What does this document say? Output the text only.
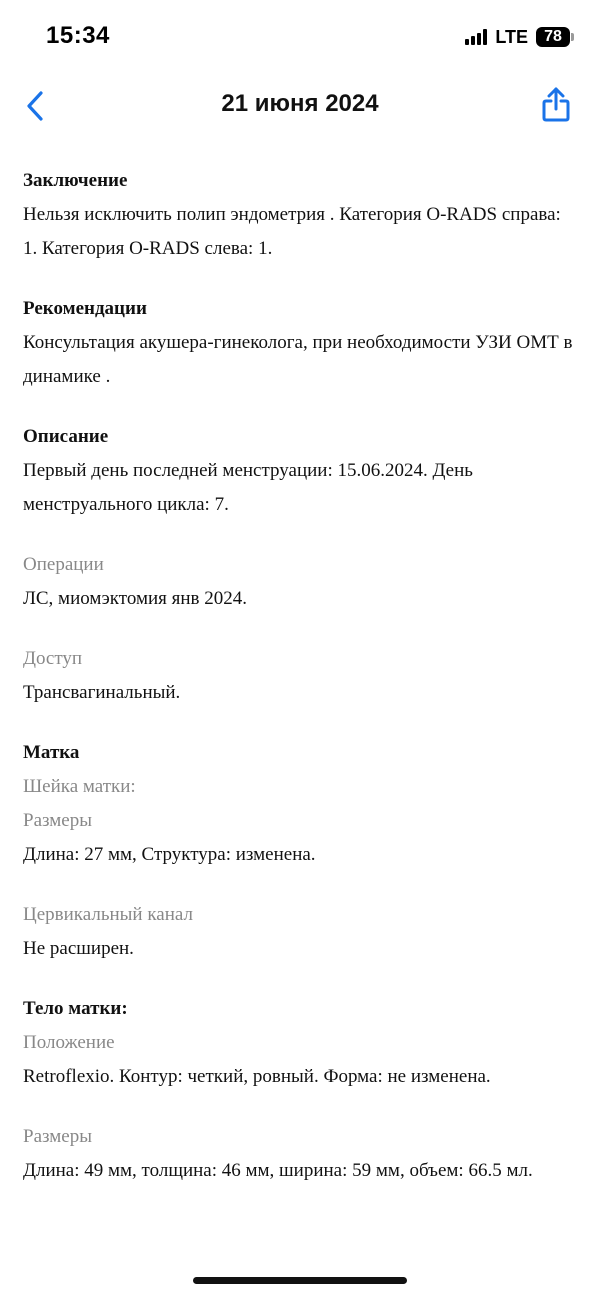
15:34	LTE 78
21 июня 2024
Заключение
Нельзя исключить полип эндометрия . Категория O-RADS справа: 1. Категория O-RADS слева: 1.
Рекомендации
Консультация акушера-гинеколога, при необходимости УЗИ ОМТ в динамике .
Описание
Первый день последней менструации: 15.06.2024. День менструального цикла: 7.
Операции
ЛС, миомэктомия янв 2024.
Доступ
Трансвагинальный.
Матка
Шейка матки:
Размеры
Длина: 27 мм, Структура: изменена.
Цервикальный канал
Не расширен.
Тело матки:
Положение
Retroflexio. Контур: четкий, ровный. Форма: не изменена.
Размеры
Длина: 49 мм, толщина: 46 мм, ширина: 59 мм, объем: 66.5 мл.
